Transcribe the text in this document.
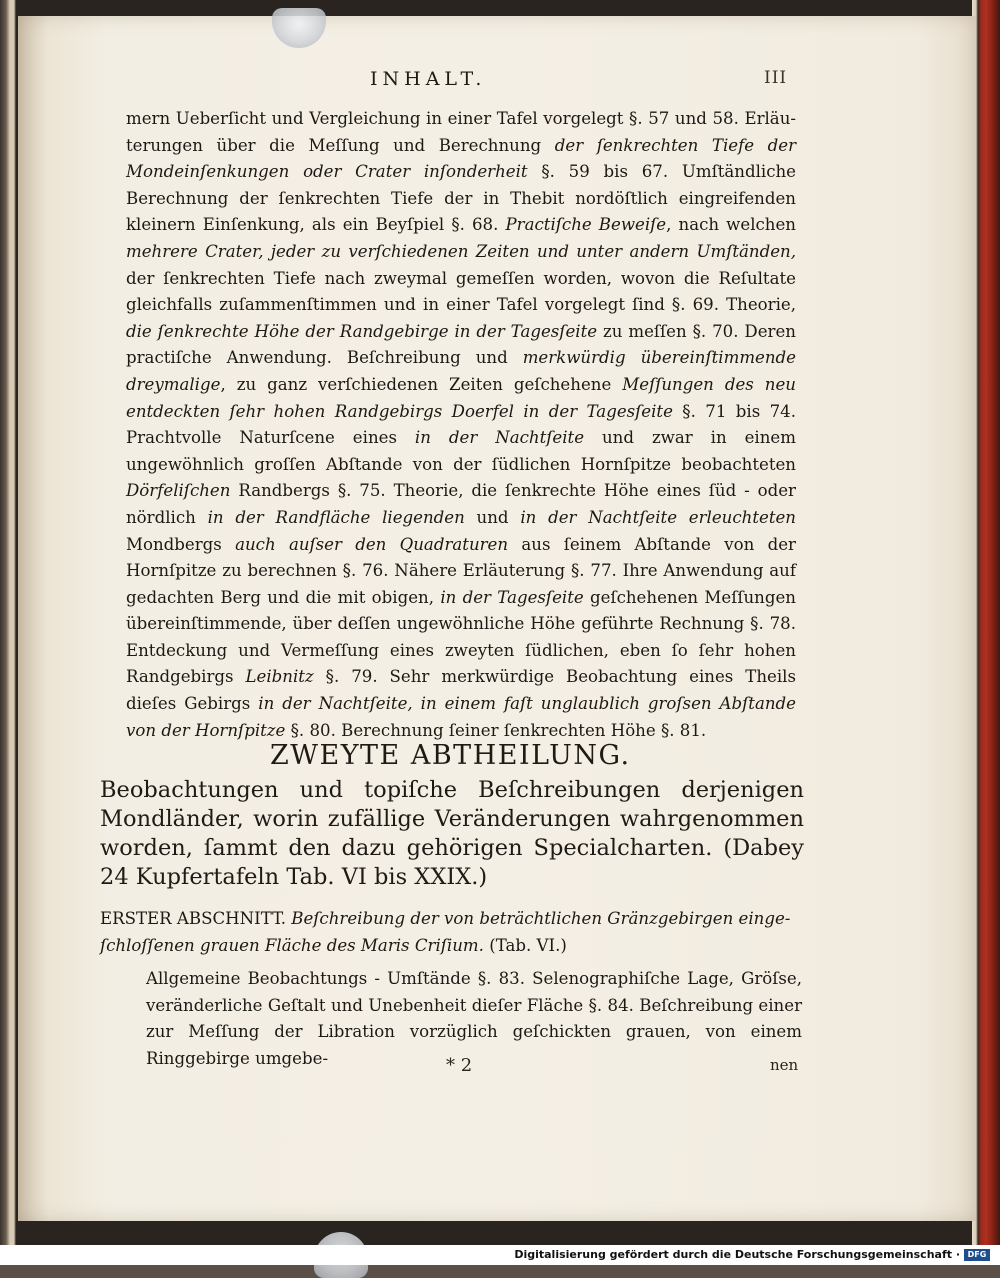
INHALT.	III
mern Ueberſicht und Vergleichung in einer Tafel vorgelegt §. 57 und 58. Erläuterungen über die Meſſung und Berechnung der ſenkrechten Tiefe der Mondeinſenkungen oder Crater inſonderheit §. 59 bis 67. Umſtändliche Berechnung der ſenkrechten Tiefe der in Thebit nordöſtlich eingreifenden kleinern Einſenkung, als ein Beyſpiel §. 68. Practiſche Beweiſe, nach welchen mehrere Crater, jeder zu verſchiedenen Zeiten und unter andern Umſtänden, der ſenkrechten Tiefe nach zweymal gemeſſen worden, wovon die Reſultate gleichfalls zuſammenſtimmen und in einer Tafel vorgelegt ſind §. 69. Theorie, die ſenkrechte Höhe der Randgebirge in der Tagesſeite zu meſſen §. 70. Deren practiſche Anwendung. Beſchreibung und merkwürdig übereinſtimmende dreymalige, zu ganz verſchiedenen Zeiten geſchehene Meſſungen des neu entdeckten ſehr hohen Randgebirgs Doerfel in der Tagesſeite §. 71 bis 74. Prachtvolle Naturſcene eines in der Nachtſeite und zwar in einem ungewöhnlich groſſen Abſtande von der ſüdlichen Hornſpitze beobachteten Dörfeliſchen Randbergs §. 75. Theorie, die ſenkrechte Höhe eines ſüd - oder nördlich in der Randfläche liegenden und in der Nachtſeite erleuchteten Mondbergs auch auſser den Quadraturen aus ſeinem Abſtande von der Hornſpitze zu berechnen §. 76. Nähere Erläuterung §. 77. Ihre Anwendung auf gedachten Berg und die mit obigen, in der Tagesſeite geſchehenen Meſſungen übereinſtimmende, über deſſen ungewöhnliche Höhe geführte Rechnung §. 78. Entdeckung und Vermeſſung eines zweyten ſüdlichen, eben ſo ſehr hohen Randgebirgs Leibnitz §. 79. Sehr merkwürdige Beobachtung eines Theils dieſes Gebirgs in der Nachtſeite, in einem faſt unglaublich groſsen Abſtande von der Hornſpitze §. 80. Berechnung ſeiner ſenkrechten Höhe §. 81.
ZWEYTE ABTHEILUNG.
Beobachtungen und topiſche Beſchreibungen derjenigen Mondländer, worin zufällige Veränderungen wahrgenommen worden, ſammt den dazu gehörigen Specialcharten. (Dabey 24 Kupfertafeln Tab. VI bis XXIX.)
ERSTER ABSCHNITT. Beſchreibung der von beträchtlichen Gränzgebirgen eingeſchloſſenen grauen Fläche des Maris Criſium. (Tab. VI.)
Allgemeine Beobachtungs - Umſtände §. 83. Selenographiſche Lage, Gröſse, veränderliche Geſtalt und Unebenheit dieſer Fläche §. 84. Beſchreibung einer zur Meſſung der Libration vorzüglich geſchickten grauen, von einem Ringgebirge umgebe-	* 2	nen
Digitalisierung gefördert durch die Deutsche Forschungsgemeinschaft · DFG
